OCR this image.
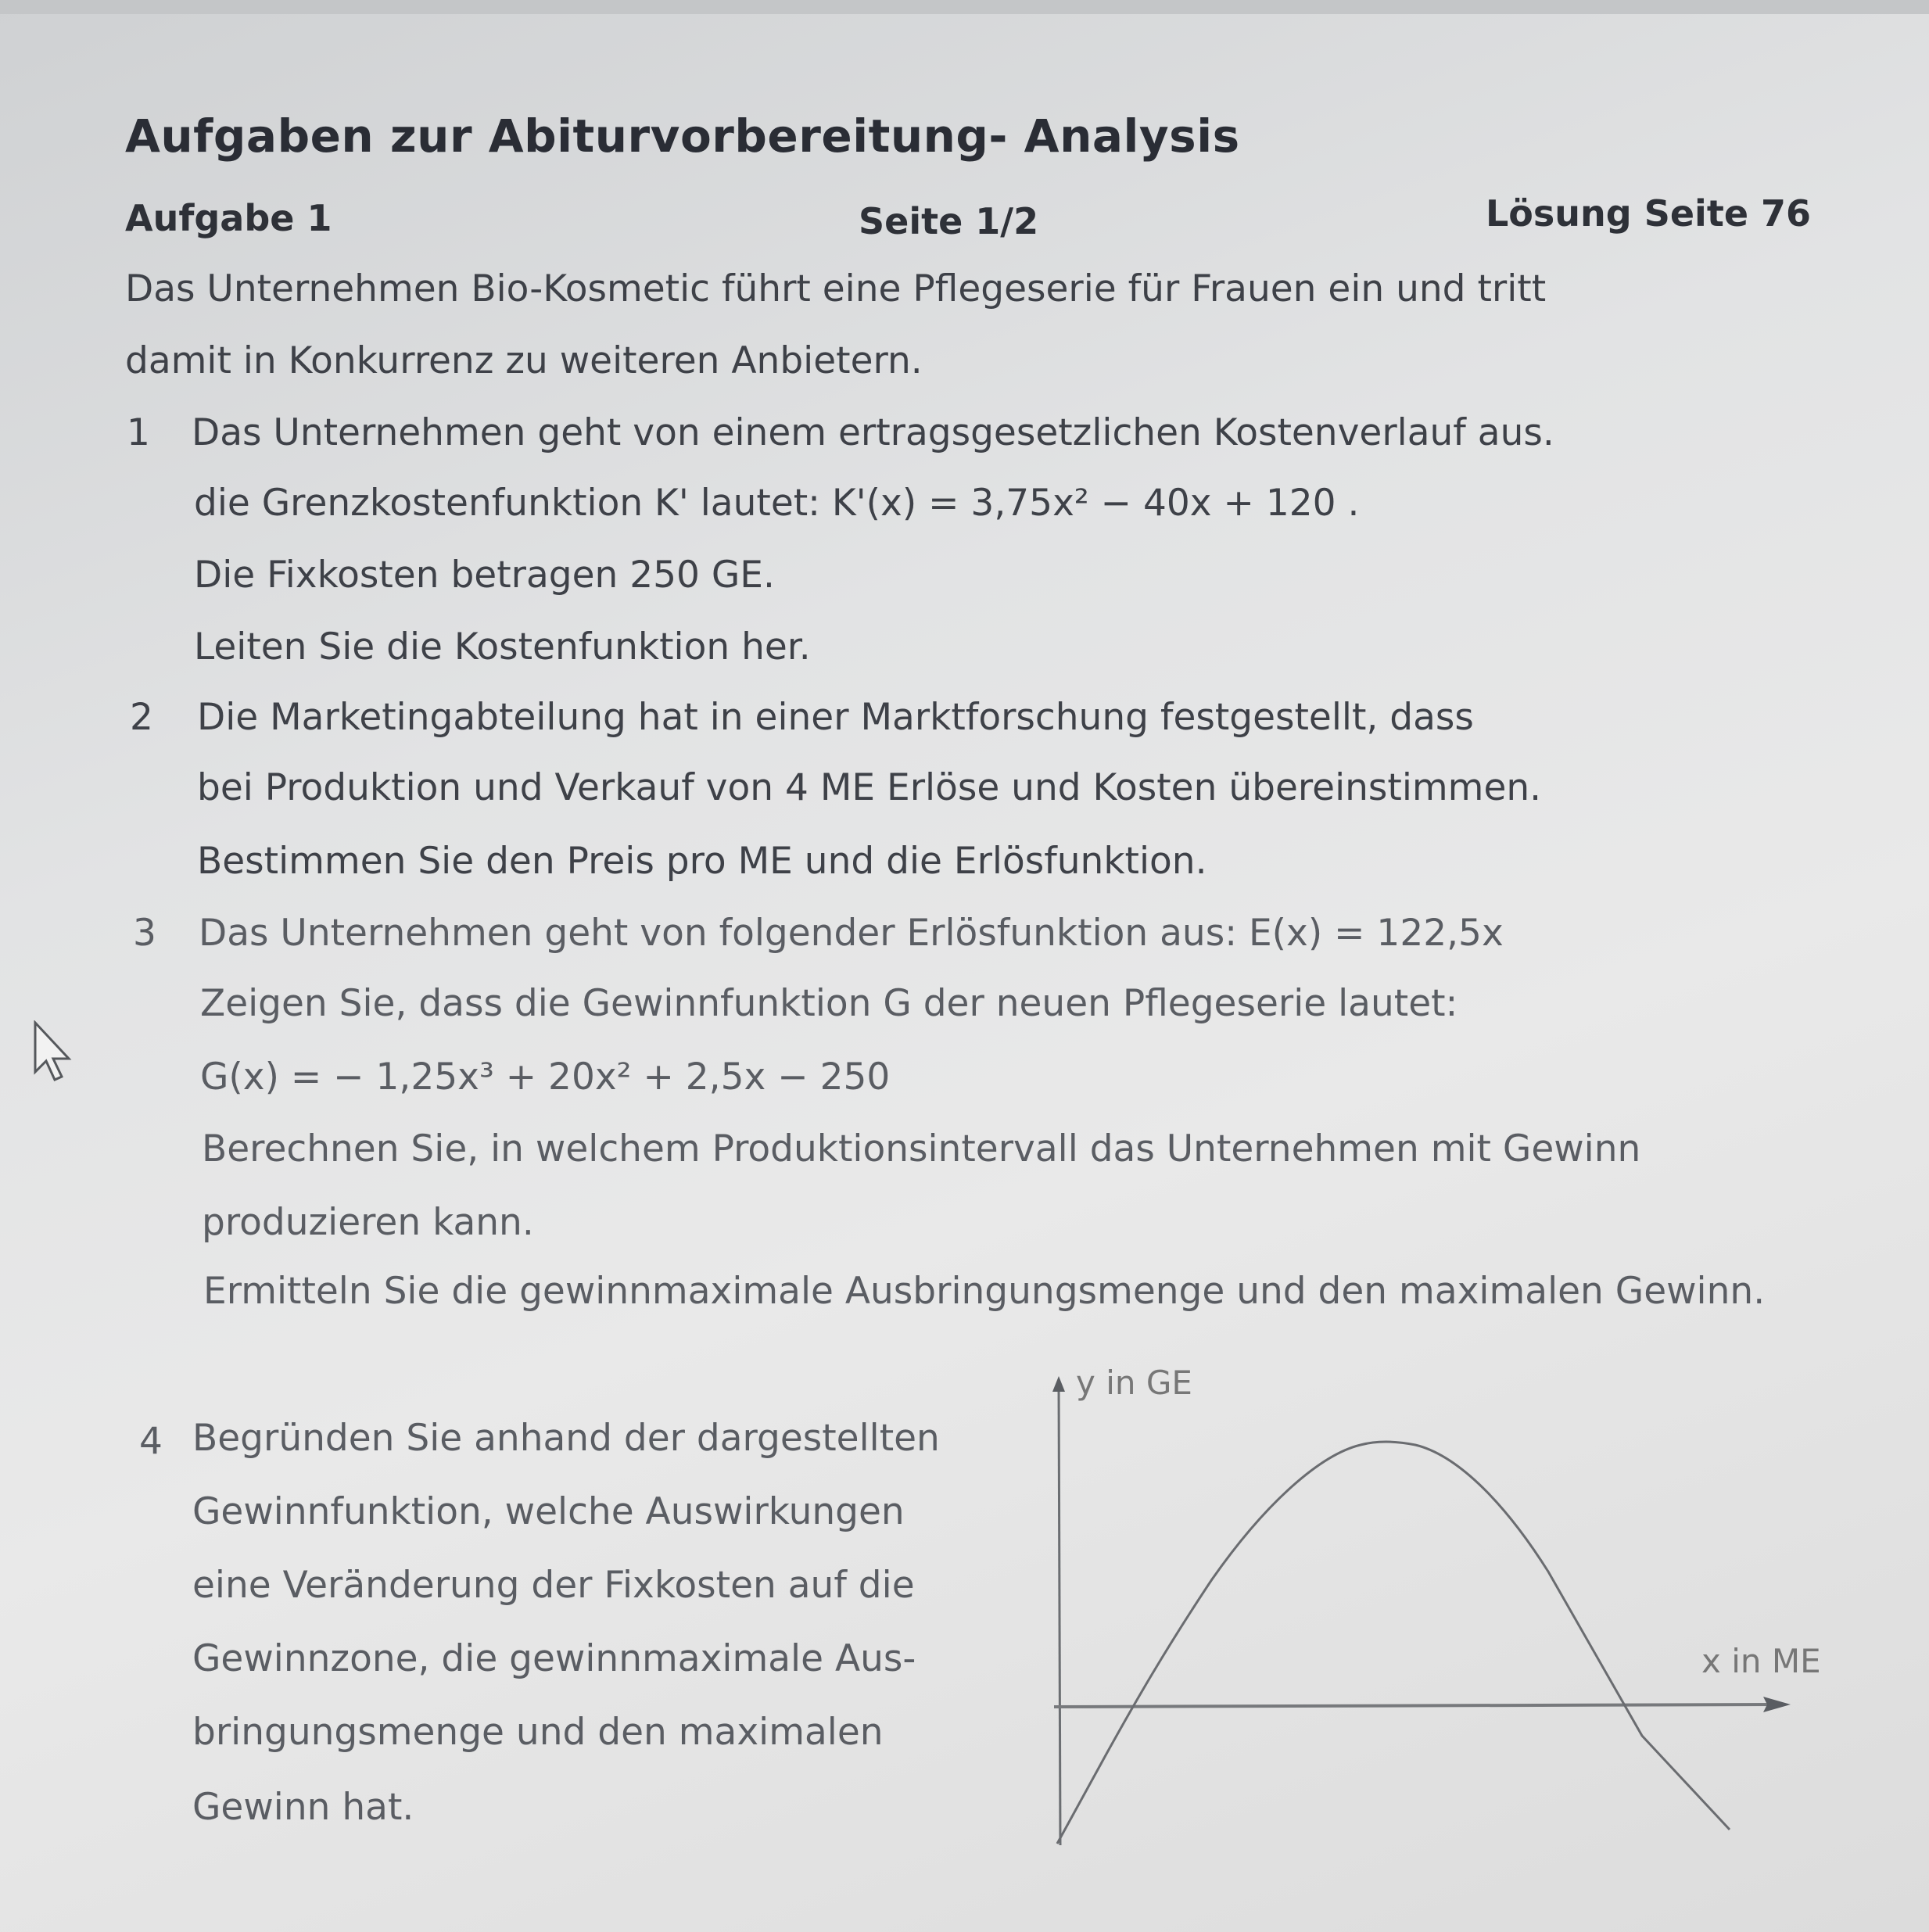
Aufgaben zur Abiturvorbereitung- Analysis
Aufgabe 1	Seite 1/2	Lösung Seite 76
Das Unternehmen Bio-Kosmetic führt eine Pflegeserie für Frauen ein und tritt
damit in Konkurrenz zu weiteren Anbietern.
1 Das Unternehmen geht von einem ertragsgesetzlichen Kostenverlauf aus.
die Grenzkostenfunktion K' lautet: K'(x) = 3,75x² − 40x + 120 .
Die Fixkosten betragen 250 GE.
Leiten Sie die Kostenfunktion her.
2 Die Marketingabteilung hat in einer Marktforschung festgestellt, dass
bei Produktion und Verkauf von 4 ME Erlöse und Kosten übereinstimmen.
Bestimmen Sie den Preis pro ME und die Erlösfunktion.
3 Das Unternehmen geht von folgender Erlösfunktion aus: E(x) = 122,5x
Zeigen Sie, dass die Gewinnfunktion G der neuen Pflegeserie lautet:
G(x) = − 1,25x³ + 20x² + 2,5x − 250
Berechnen Sie, in welchem Produktionsintervall das Unternehmen mit Gewinn
produzieren kann.
Ermitteln Sie die gewinnmaximale Ausbringungsmenge und den maximalen Gewinn.
4 Begründen Sie anhand der dargestellten
Gewinnfunktion, welche Auswirkungen
eine Veränderung der Fixkosten auf die
Gewinnzone, die gewinnmaximale Aus-
bringungsmenge und den maximalen
Gewinn hat.
y in GE
x in ME
